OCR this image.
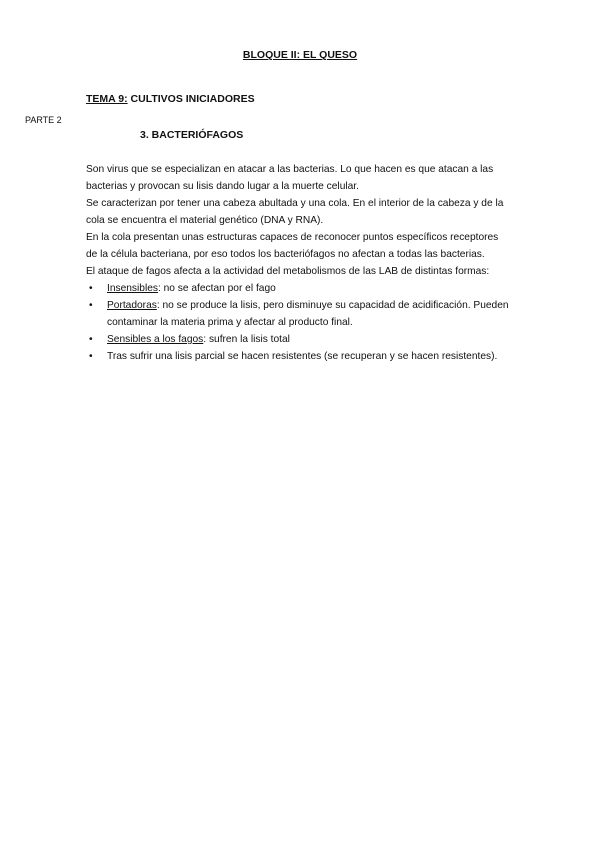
BLOQUE II: EL QUESO
TEMA 9: CULTIVOS INICIADORES
PARTE 2
3. BACTERIÓFAGOS

Son virus que se especializan en atacar a las bacterias. Lo que hacen es que atacan a las bacterias y provocan su lisis dando lugar a la muerte celular.

Se caracterizan por tener una cabeza abultada y una cola. En el interior de la cabeza y de la cola se encuentra el material genético (DNA y RNA).

En la cola presentan unas estructuras capaces de reconocer puntos específicos receptores de la célula bacteriana, por eso todos los bacteriófagos no afectan a todas las bacterias.

El ataque de fagos afecta a la actividad del metabolismos de las LAB de distintas formas:

• Insensibles: no se afectan por el fago
• Portadoras: no se produce la lisis, pero disminuye su capacidad de acidificación. Pueden contaminar la materia prima y afectar al producto final.
• Sensibles a los fagos: sufren la lisis total
• Tras sufrir una lisis parcial se hacen resistentes (se recuperan y se hacen resistentes).
